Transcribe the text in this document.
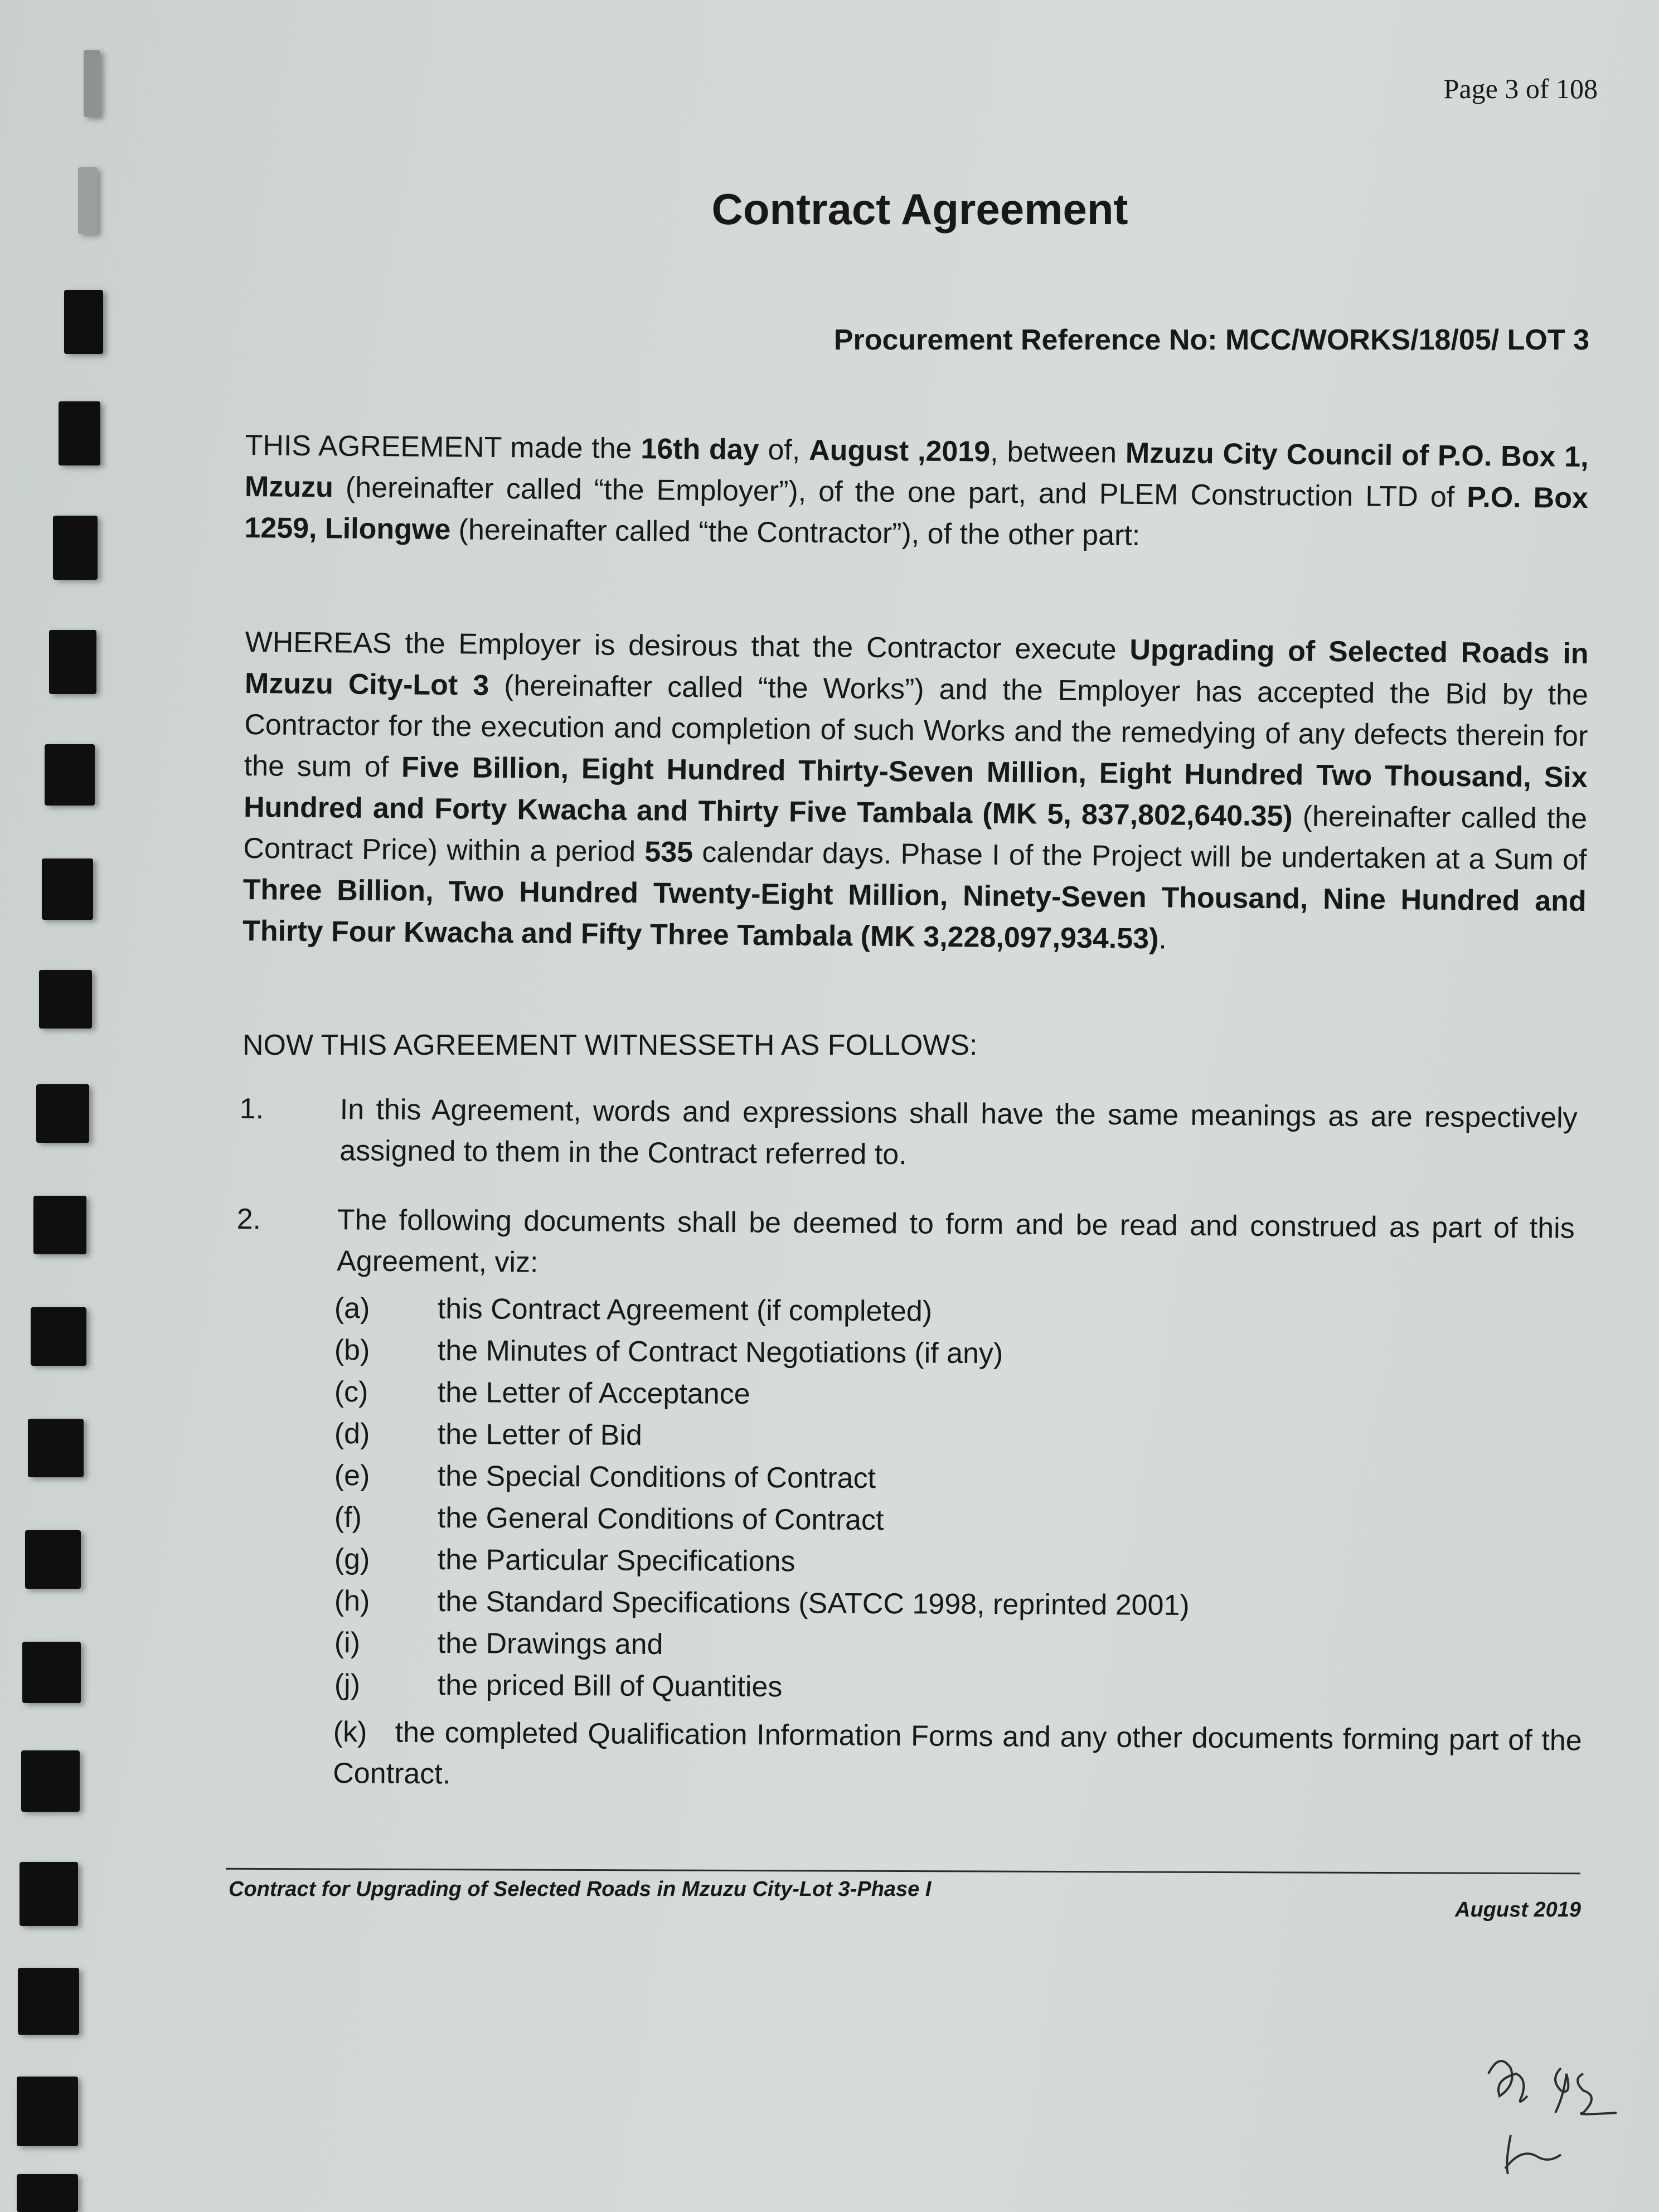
Page 3 of 108
Contract Agreement
Procurement Reference No: MCC/WORKS/18/05/ LOT 3
THIS AGREEMENT made the 16th day of, August ,2019, between Mzuzu City Council of P.O. Box 1, Mzuzu (hereinafter called “the Employer”), of the one part, and PLEM Construction LTD of P.O. Box 1259, Lilongwe (hereinafter called “the Contractor”), of the other part:
WHEREAS the Employer is desirous that the Contractor execute Upgrading of Selected Roads in Mzuzu City-Lot 3 (hereinafter called “the Works”) and the Employer has accepted the Bid by the Contractor for the execution and completion of such Works and the remedying of any defects therein for the sum of Five Billion, Eight Hundred Thirty-Seven Million, Eight Hundred Two Thousand, Six Hundred and Forty Kwacha and Thirty Five Tambala (MK 5, 837,802,640.35) (hereinafter called the Contract Price) within a period 535 calendar days. Phase I of the Project will be undertaken at a Sum of Three Billion, Two Hundred Twenty-Eight Million, Ninety-Seven Thousand, Nine Hundred and Thirty Four Kwacha and Fifty Three Tambala (MK 3,228,097,934.53).
NOW THIS AGREEMENT WITNESSETH AS FOLLOWS:
1.	In this Agreement, words and expressions shall have the same meanings as are respectively assigned to them in the Contract referred to.
2.	The following documents shall be deemed to form and be read and construed as part of this Agreement, viz:
(a) this Contract Agreement (if completed)
(b) the Minutes of Contract Negotiations (if any)
(c) the Letter of Acceptance
(d) the Letter of Bid
(e) the Special Conditions of Contract
(f)	the General Conditions of Contract
(g) the Particular Specifications
(h) the Standard Specifications (SATCC 1998, reprinted 2001)
(i)	the Drawings and
(j)	the priced Bill of Quantities
(k) the completed Qualification Information Forms and any other documents forming part of the Contract.
Contract for Upgrading of Selected Roads in Mzuzu City-Lot 3-Phase I
August 2019
